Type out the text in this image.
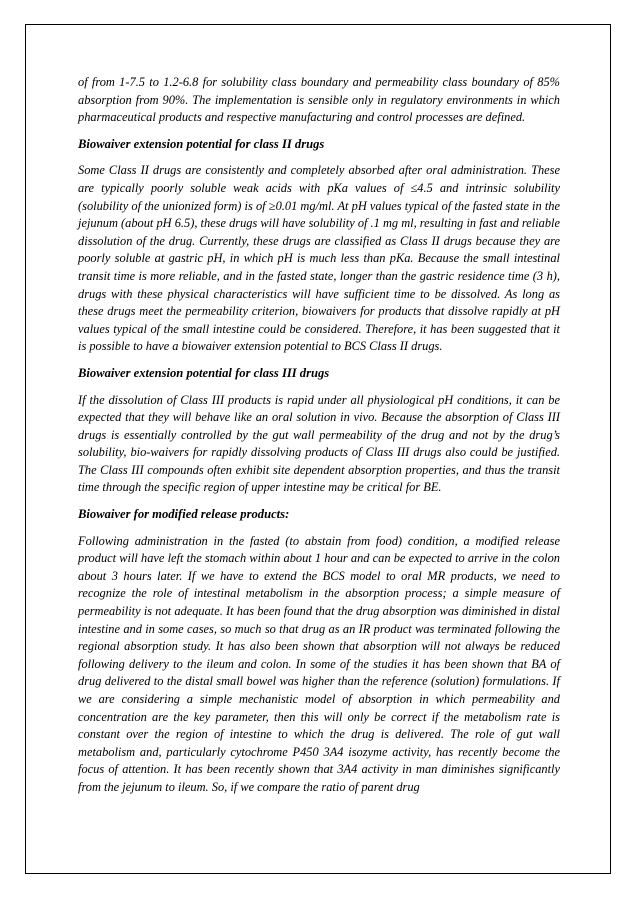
of from 1-7.5 to 1.2-6.8 for solubility class boundary and permeability class boundary of 85% absorption from 90%. The implementation is sensible only in regulatory environments in which pharmaceutical products and respective manufacturing and control processes are defined.

Biowaiver extension potential for class II drugs

Some Class II drugs are consistently and completely absorbed after oral administration. These are typically poorly soluble weak acids with pKa values of ≤4.5 and intrinsic solubility (solubility of the unionized form) is of ≥0.01 mg/ml. At pH values typical of the fasted state in the jejunum (about pH 6.5), these drugs will have solubility of .1 mg ml, resulting in fast and reliable dissolution of the drug. Currently, these drugs are classified as Class II drugs because they are poorly soluble at gastric pH, in which pH is much less than pKa. Because the small intestinal transit time is more reliable, and in the fasted state, longer than the gastric residence time (3 h), drugs with these physical characteristics will have sufficient time to be dissolved. As long as these drugs meet the permeability criterion, biowaivers for products that dissolve rapidly at pH values typical of the small intestine could be considered. Therefore, it has been suggested that it is possible to have a biowaiver extension potential to BCS Class II drugs.

Biowaiver extension potential for class III drugs

If the dissolution of Class III products is rapid under all physiological pH conditions, it can be expected that they will behave like an oral solution in vivo. Because the absorption of Class III drugs is essentially controlled by the gut wall permeability of the drug and not by the drug’s solubility, bio-waivers for rapidly dissolving products of Class III drugs also could be justified. The Class III compounds often exhibit site dependent absorption properties, and thus the transit time through the specific region of upper intestine may be critical for BE.

Biowaiver for modified release products:

Following administration in the fasted (to abstain from food) condition, a modified release product will have left the stomach within about 1 hour and can be expected to arrive in the colon about 3 hours later. If we have to extend the BCS model to oral MR products, we need to recognize the role of intestinal metabolism in the absorption process; a simple measure of permeability is not adequate. It has been found that the drug absorption was diminished in distal intestine and in some cases, so much so that drug as an IR product was terminated following the regional absorption study. It has also been shown that absorption will not always be reduced following delivery to the ileum and colon. In some of the studies it has been shown that BA of drug delivered to the distal small bowel was higher than the reference (solution) formulations. If we are considering a simple mechanistic model of absorption in which permeability and concentration are the key parameter, then this will only be correct if the metabolism rate is constant over the region of intestine to which the drug is delivered. The role of gut wall metabolism and, particularly cytochrome P450 3A4 isozyme activity, has recently become the focus of attention. It has been recently shown that 3A4 activity in man diminishes significantly from the jejunum to ileum. So, if we compare the ratio of parent drug
